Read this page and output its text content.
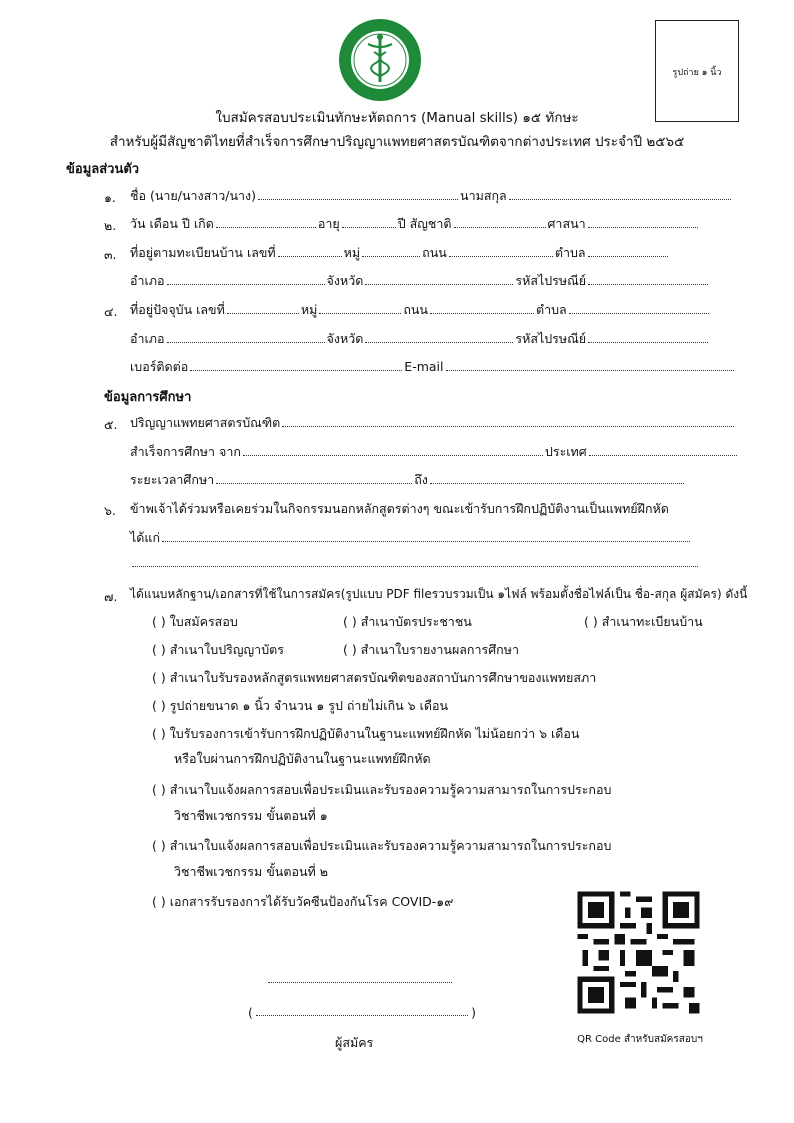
รูปถ่าย ๑ นิ้ว
ใบสมัครสอบประเมินทักษะหัตถการ (Manual skills) ๑๕ ทักษะ
สำหรับผู้มีสัญชาติไทยที่สำเร็จการศึกษาปริญญาแพทยศาสตรบัณฑิตจากต่างประเทศ ประจำปี ๒๕๖๕
ข้อมูลส่วนตัว
๑. ชื่อ (นาย/นางสาว/นาง)	นามสกุล
๒. วัน เดือน ปี เกิด	อายุ	ปี สัญชาติ	ศาสนา
๓. ที่อยู่ตามทะเบียนบ้าน เลขที่	หมู่	ถนน	ตำบล
อำเภอ	จังหวัด	รหัสไปรษณีย์
๔. ที่อยู่ปัจจุบัน เลขที่	หมู่	ถนน	ตำบล
อำเภอ	จังหวัด	รหัสไปรษณีย์
เบอร์ติดต่อ	E-mail
ข้อมูลการศึกษา
๕. ปริญญาแพทยศาสตรบัณฑิต
สำเร็จการศึกษา จาก	ประเทศ
ระยะเวลาศึกษา	ถึง
๖. ข้าพเจ้าได้ร่วมหรือเคยร่วมในกิจกรรมนอกหลักสูตรต่างๆ ขณะเข้ารับการฝึกปฏิบัติงานเป็นแพทย์ฝึกหัด
ได้แก่
๗. ได้แนบหลักฐาน/เอกสารที่ใช้ในการสมัคร(รูปแบบ PDF fileรวบรวมเป็น ๑ไฟล์ พร้อมตั้งชื่อไฟล์เป็น ชื่อ-สกุล ผู้สมัคร) ดังนี้
( ) ใบสมัครสอบ	( ) สำเนาบัตรประชาชน	( ) สำเนาทะเบียนบ้าน
( ) สำเนาใบปริญญาบัตร	( ) สำเนาใบรายงานผลการศึกษา
( ) สำเนาใบรับรองหลักสูตรแพทยศาสตรบัณฑิตของสถาบันการศึกษาของแพทยสภา
( ) รูปถ่ายขนาด ๑ นิ้ว จำนวน ๑ รูป ถ่ายไม่เกิน ๖ เดือน
( ) ใบรับรองการเข้ารับการฝึกปฏิบัติงานในฐานะแพทย์ฝึกหัด ไม่น้อยกว่า ๖ เดือน
หรือใบผ่านการฝึกปฏิบัติงานในฐานะแพทย์ฝึกหัด
( ) สำเนาใบแจ้งผลการสอบเพื่อประเมินและรับรองความรู้ความสามารถในการประกอบ
วิชาชีพเวชกรรม ขั้นตอนที่ ๑
( ) สำเนาใบแจ้งผลการสอบเพื่อประเมินและรับรองความรู้ความสามารถในการประกอบ
วิชาชีพเวชกรรม ขั้นตอนที่ ๒
( ) เอกสารรับรองการได้รับวัคซีนป้องกันโรค COVID-๑๙
QR Code สำหรับสมัครสอบฯ
(	)
ผู้สมัคร
